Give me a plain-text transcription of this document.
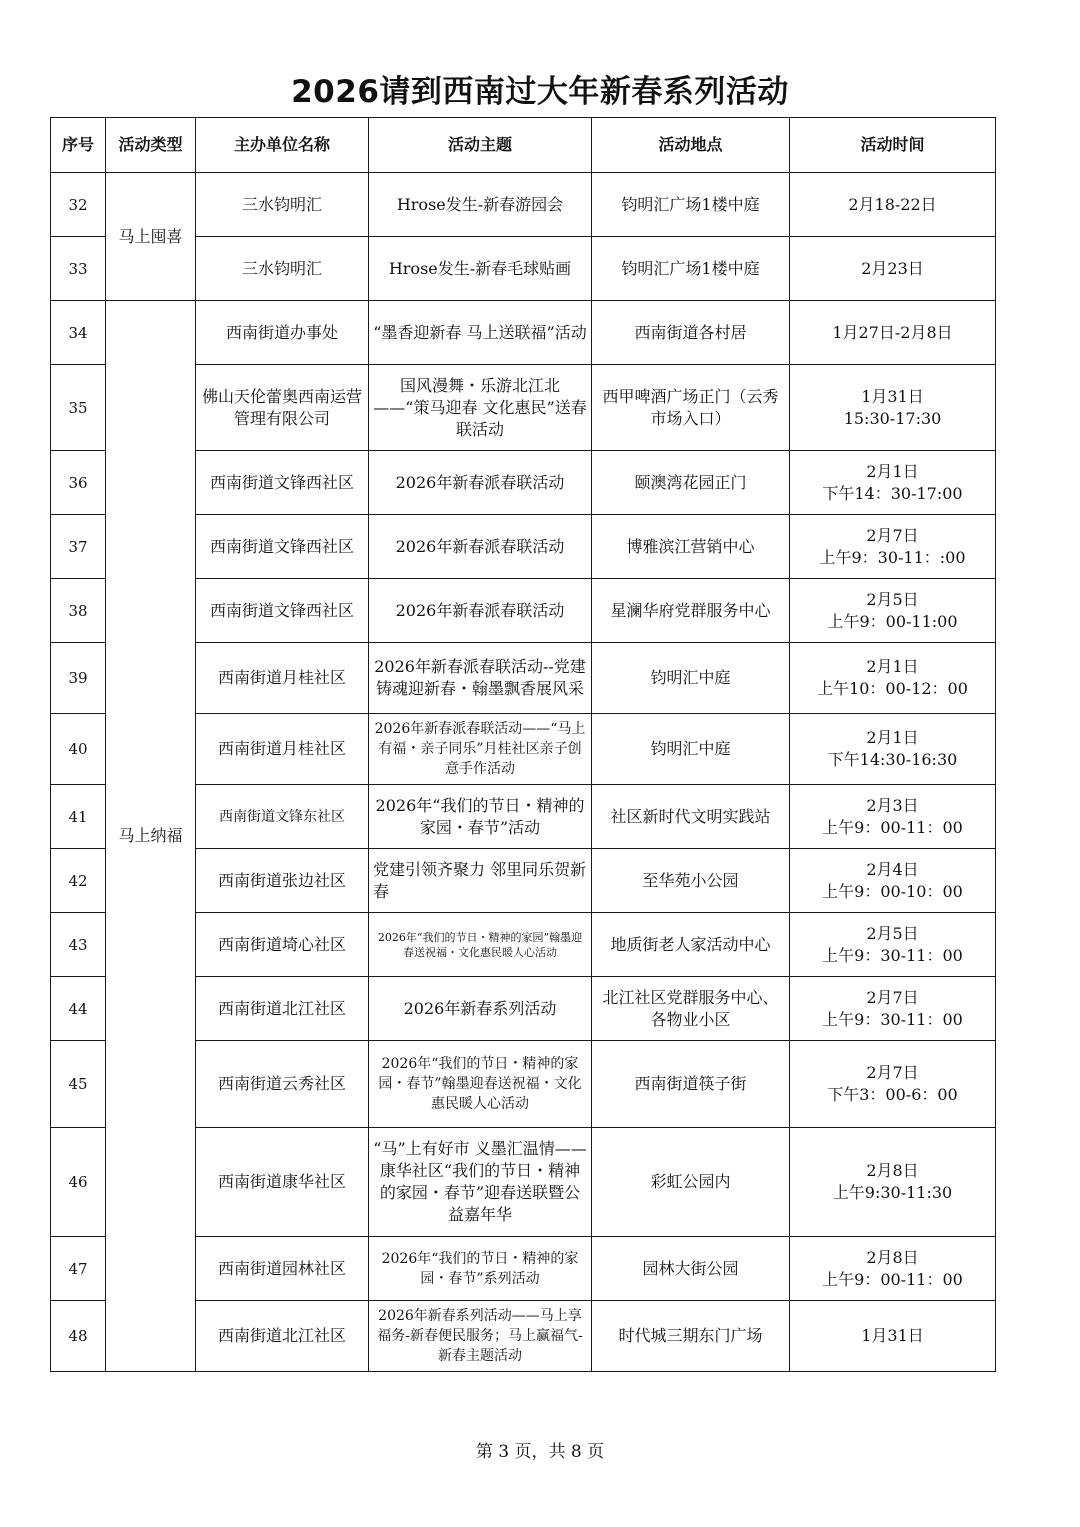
2026请到西南过大年新春系列活动
序号	活动类型	主办单位名称	活动主题	活动地点	活动时间
32	马上囤喜	三水钧明汇	Hrose发生-新春游园会	钧明汇广场1楼中庭	2月18-22日

33		三水钧明汇	Hrose发生-新春毛球贴画	钧明汇广场1楼中庭	2月23日

34	马上纳福	西南街道办事处	“墨香迎新春 马上送联福”活动	西南街道各村居	1月27日-2月8日

35		佛山天伦蕾奥西南运营管理有限公司	国风漫舞・乐游北江北——“策马迎春 文化惠民”送春联活动	西甲啤酒广场正门（云秀市场入口）	1月31日
15:30-17:30

36		西南街道文锋西社区	2026年新春派春联活动	颐澳湾花园正门	2月1日
下午14：30-17:00

37		西南街道文锋西社区	2026年新春派春联活动	博雅滨江营销中心	2月7日
上午9：30-11：:00

38		西南街道文锋西社区	2026年新春派春联活动	星澜华府党群服务中心	2月5日
上午9：00-11:00

39		西南街道月桂社区	2026年新春派春联活动--党建铸魂迎新春・翰墨飘香展风采	钧明汇中庭	2月1日
上午10：00-12：00

40		西南街道月桂社区	2026年新春派春联活动——“马上有福・亲子同乐”月桂社区亲子创意手作活动	钧明汇中庭	2月1日
下午14:30-16:30

41		西南街道文锋东社区	2026年“我们的节日・精神的家园・春节”活动	社区新时代文明实践站	2月3日
上午9：00-11：00

42		西南街道张边社区	党建引领齐聚力 邻里同乐贺新春	至华苑小公园	2月4日
上午9：00-10：00

43		西南街道埼心社区	2026年“我们的节日・精神的家园”翰墨迎春送祝福・文化惠民暖人心活动	地质街老人家活动中心	2月5日
上午9：30-11：00

44		西南街道北江社区	2026年新春系列活动	北江社区党群服务中心、各物业小区	2月7日
上午9：30-11：00

45		西南街道云秀社区	2026年“我们的节日・精神的家园・春节”翰墨迎春送祝福・文化惠民暖人心活动	西南街道筷子街	2月7日
下午3：00-6：00

46		西南街道康华社区	“马”上有好市 义墨汇温情——康华社区“我们的节日・精神的家园・春节”迎春送联暨公益嘉年华	彩虹公园内	2月8日
上午9:30-11:30

47		西南街道园林社区	2026年“我们的节日・精神的家园・春节”系列活动	园林大街公园	2月8日
上午9：00-11：00

48		西南街道北江社区	2026年新春系列活动——马上享福务-新春便民服务；马上赢福气-新春主题活动	时代城三期东门广场	1月31日
第 3 页，共 8 页
